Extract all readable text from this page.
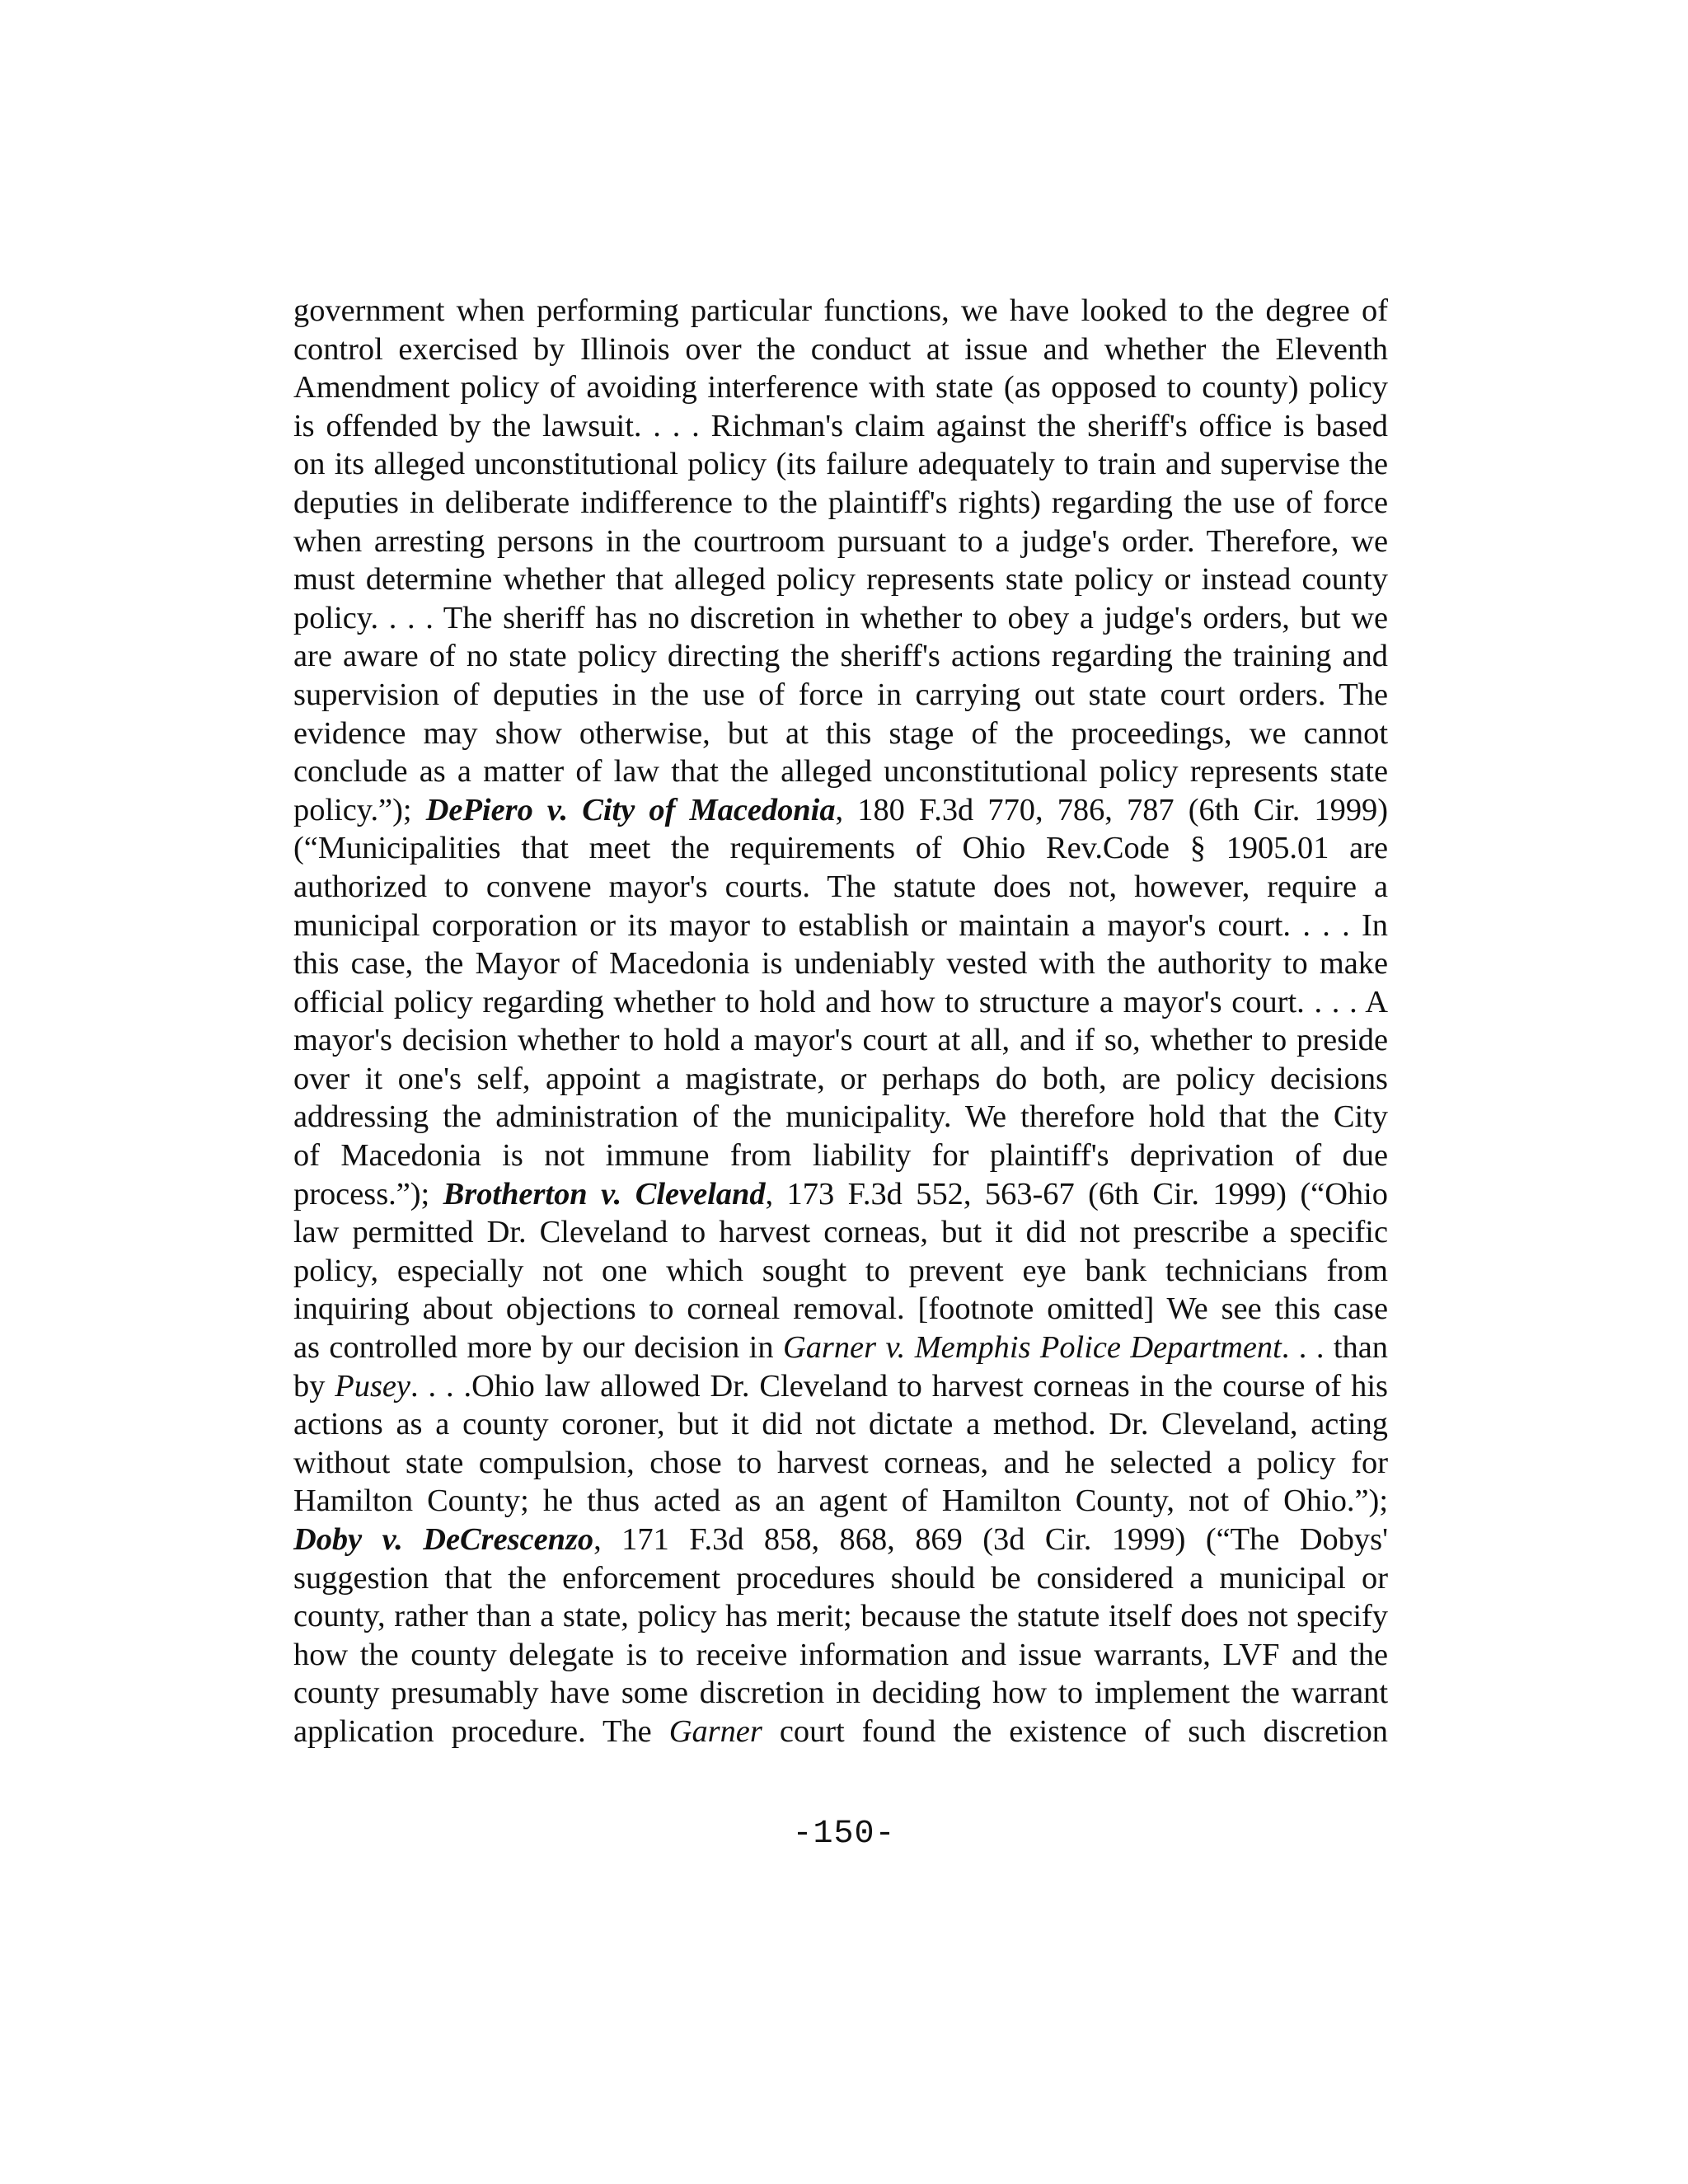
government when performing particular functions, we have looked to the degree of
control exercised by Illinois over the conduct at issue and whether the Eleventh
Amendment policy of avoiding interference with state (as opposed to county) policy
is offended by the lawsuit. . . . Richman's claim against the sheriff's office is based
on its alleged unconstitutional policy (its failure adequately to train and supervise the
deputies in deliberate indifference to the plaintiff's rights) regarding the use of force
when arresting persons in the courtroom pursuant to a judge's order. Therefore, we
must determine whether that alleged policy represents state policy or instead county
policy. . . . The sheriff has no discretion in whether to obey a judge's orders, but we
are aware of no state policy directing the sheriff's actions regarding the training and
supervision of deputies in the use of force in carrying out state court orders. The
evidence may show otherwise, but at this stage of the proceedings, we cannot
conclude as a matter of law that the alleged unconstitutional policy represents state
policy.”); DePiero v. City of Macedonia, 180 F.3d 770, 786, 787 (6th Cir. 1999)
(“Municipalities that meet the requirements of Ohio Rev.Code § 1905.01 are
authorized to convene mayor's courts. The statute does not, however, require a
municipal corporation or its mayor to establish or maintain a mayor's court. . . . In
this case, the Mayor of Macedonia is undeniably vested with the authority to make
official policy regarding whether to hold and how to structure a mayor's court. . . . A
mayor's decision whether to hold a mayor's court at all, and if so, whether to preside
over it one's self, appoint a magistrate, or perhaps do both, are policy decisions
addressing the administration of the municipality. We therefore hold that the City
of Macedonia is not immune from liability for plaintiff's deprivation of due
process.”); Brotherton v. Cleveland, 173 F.3d 552, 563-67 (6th Cir. 1999) (“Ohio
law permitted Dr. Cleveland to harvest corneas, but it did not prescribe a specific
policy, especially not one which sought to prevent eye bank technicians from
inquiring about objections to corneal removal. [footnote omitted] We see this case
as controlled more by our decision in Garner v. Memphis Police Department. . . than
by Pusey. . . .Ohio law allowed Dr. Cleveland to harvest corneas in the course of his
actions as a county coroner, but it did not dictate a method. Dr. Cleveland, acting
without state compulsion, chose to harvest corneas, and he selected a policy for
Hamilton County; he thus acted as an agent of Hamilton County, not of Ohio.”);
Doby v. DeCrescenzo, 171 F.3d 858, 868, 869 (3d Cir. 1999) (“The Dobys'
suggestion that the enforcement procedures should be considered a municipal or
county, rather than a state, policy has merit; because the statute itself does not specify
how the county delegate is to receive information and issue warrants, LVF and the
county presumably have some discretion in deciding how to implement the warrant
application procedure. The Garner court found the existence of such discretion
-150-
